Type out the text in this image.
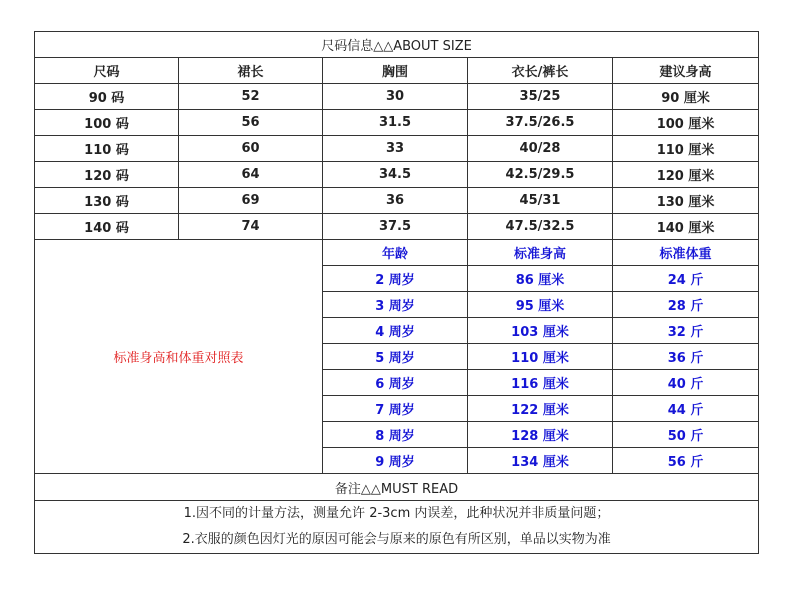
尺码信息△△ABOUT SIZE				
尺码	裙长	胸围	衣长/裤长	建议身高
90 码	52	30	35/25	90 厘米
100 码	56	31.5	37.5/26.5	100 厘米
110 码	60	33	40/28	110 厘米
120 码	64	34.5	42.5/29.5	120 厘米
130 码	69	36	45/31	130 厘米
140 码	74	37.5	47.5/32.5	140 厘米
标准身高和体重对照表		年龄	标准身高	标准体重
		2 周岁	86 厘米	24 斤
		3 周岁	95 厘米	28 斤
		4 周岁	103 厘米	32 斤
		5 周岁	110 厘米	36 斤
		6 周岁	116 厘米	40 斤
		7 周岁	122 厘米	44 斤
		8 周岁	128 厘米	50 斤
		9 周岁	134 厘米	56 斤
备注△△MUST READ				

1.因不同的计量方法，测量允许 2-3cm 内误差，此种状况并非质量问题；
2.衣服的颜色因灯光的原因可能会与原来的原色有所区别，单品以实物为准				
